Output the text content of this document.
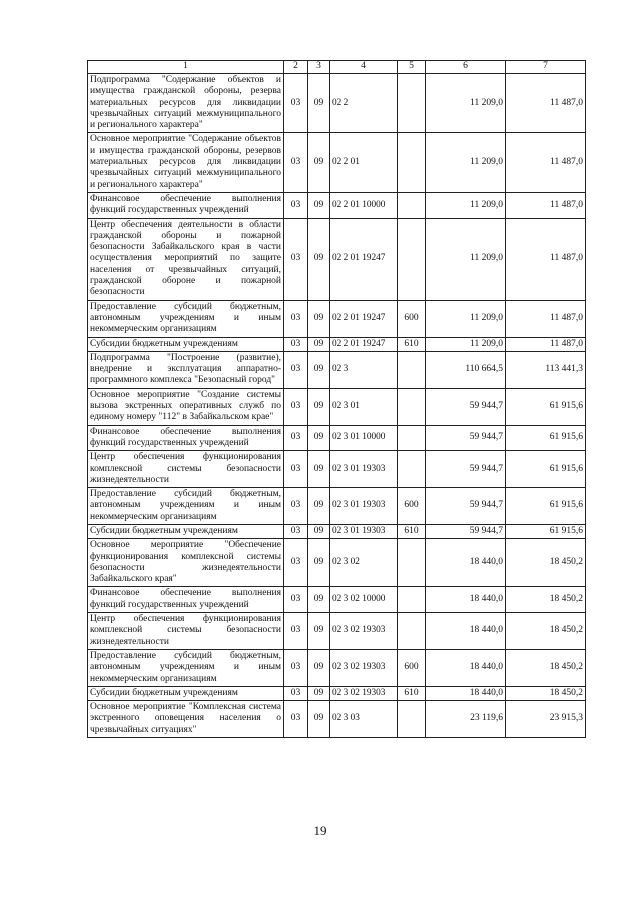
1	2	3	4	5	6	7
Подпрограмма "Содержание объектов и имущества гражданской обороны, резерва материальных ресурсов для ликвидации чрезвычайных ситуаций межмуниципального и регионального характера"	03	09	02 2		11 209,0	11 487,0
Основное мероприятие "Содержание объектов и имущества гражданской обороны, резервов материальных ресурсов для ликвидации чрезвычайных ситуаций межмуниципального и регионального характера"	03	09	02 2 01		11 209,0	11 487,0
Финансовое обеспечение выполнения функций государственных учреждений	03	09	02 2 01 10000		11 209,0	11 487,0
Центр обеспечения деятельности в области гражданской обороны и пожарной безопасности Забайкальского края в части осуществления мероприятий по защите населения от чрезвычайных ситуаций, гражданской обороне и пожарной безопасности	03	09	02 2 01 19247		11 209,0	11 487,0
Предоставление субсидий бюджетным, автономным учреждениям и иным некоммерческим организациям	03	09	02 2 01 19247	600	11 209,0	11 487,0
Субсидии бюджетным учреждениям	03	09	02 2 01 19247	610	11 209,0	11 487,0
Подпрограмма "Построение (развитие), внедрение и эксплуатация аппаратно-программного комплекса "Безопасный город"	03	09	02 3		110 664,5	113 441,3
Основное мероприятие "Создание системы вызова экстренных оперативных служб по единому номеру "112" в Забайкальском крае"	03	09	02 3 01		59 944,7	61 915,6
Финансовое обеспечение выполнения функций государственных учреждений	03	09	02 3 01 10000		59 944,7	61 915,6
Центр обеспечения функционирования комплексной системы безопасности жизнедеятельности	03	09	02 3 01 19303		59 944,7	61 915,6
Предоставление субсидий бюджетным, автономным учреждениям и иным некоммерческим организациям	03	09	02 3 01 19303	600	59 944,7	61 915,6
Субсидии бюджетным учреждениям	03	09	02 3 01 19303	610	59 944,7	61 915,6
Основное мероприятие "Обеспечение функционирования комплексной системы безопасности жизнедеятельности Забайкальского края"	03	09	02 3 02		18 440,0	18 450,2
Финансовое обеспечение выполнения функций государственных учреждений	03	09	02 3 02 10000		18 440,0	18 450,2
Центр обеспечения функционирования комплексной системы безопасности жизнедеятельности	03	09	02 3 02 19303		18 440,0	18 450,2
Предоставление субсидий бюджетным, автономным учреждениям и иным некоммерческим организациям	03	09	02 3 02 19303	600	18 440,0	18 450,2
Субсидии бюджетным учреждениям	03	09	02 3 02 19303	610	18 440,0	18 450,2
Основное мероприятие "Комплексная система экстренного оповещения населения о чрезвычайных ситуациях"	03	09	02 3 03		23 119,6	23 915,3
19
